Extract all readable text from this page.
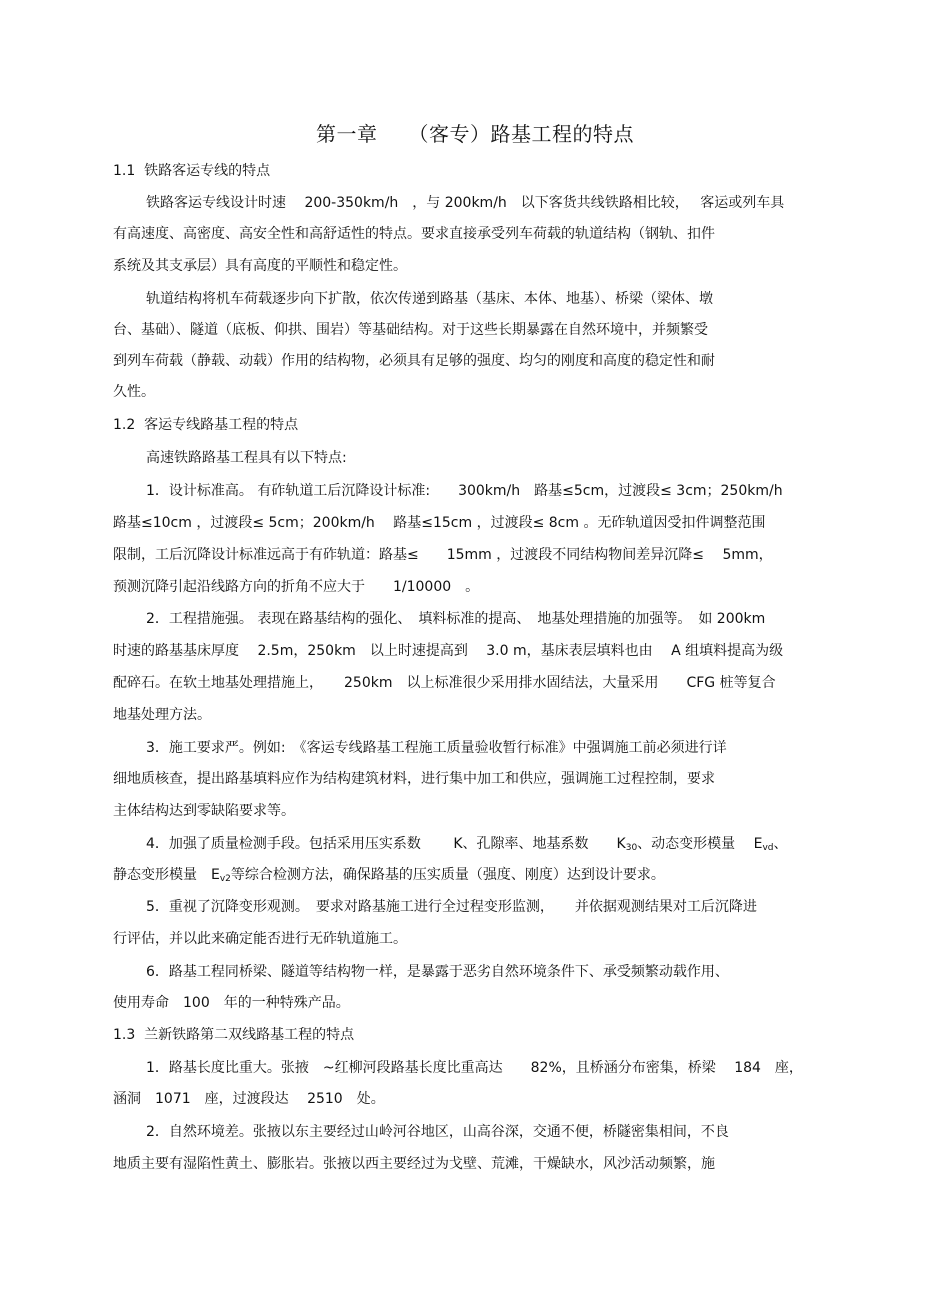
第一章　　（客专）路基工程的特点
1.1  铁路客运专线的特点
铁路客运专线设计时速　 200-350km/h　，与 200km/h　以下客货共线铁路相比较，　 客运或列车具
有高速度、高密度、高安全性和高舒适性的特点。要求直接承受列车荷载的轨道结构（钢轨、扣件
系统及其支承层）具有高度的平顺性和稳定性。
轨道结构将机车荷载逐步向下扩散，依次传递到路基（基床、本体、地基）、桥梁（梁体、墩
台、基础）、隧道（底板、仰拱、围岩）等基础结构。对于这些长期暴露在自然环境中，并频繁受
到列车荷载（静载、动载）作用的结构物，必须具有足够的强度、均匀的刚度和高度的稳定性和耐
久性。
1.2  客运专线路基工程的特点
高速铁路路基工程具有以下特点:
1．设计标准高。 有砟轨道工后沉降设计标准:　　300km/h　路基≤5cm，过渡段≤ 3cm；250km/h
路基≤10cm ，过渡段≤ 5cm；200km/h　 路基≤15cm ，过渡段≤ 8cm 。无砟轨道因受扣件调整范围
限制，工后沉降设计标准远高于有砟轨道：路基≤　　15mm ，过渡段不同结构物间差异沉降≤　 5mm，
预测沉降引起沿线路方向的折角不应大于　　1/10000　。
2．工程措施强。 表现在路基结构的强化、　填料标准的提高、　地基处理措施的加强等。　如 200km
时速的路基基床厚度　 2.5m，250km　以上时速提高到　 3.0 m，基床表层填料也由　 A 组填料提高为级
配碎石。在软土地基处理措施上，　　250km　以上标准很少采用排水固结法，大量采用　　CFG 桩等复合
地基处理方法。
3．施工要求严。例如:　《客运专线路基工程施工质量验收暂行标准》中强调施工前必须进行详
细地质核查，提出路基填料应作为结构建筑材料，进行集中加工和供应，强调施工过程控制，要求
主体结构达到零缺陷要求等。
4．加强了质量检测手段。包括采用压实系数　　 K、孔隙率、地基系数　　$K_{30}$、动态变形模量　 $E_{vd}$、
静态变形模量　$E_{v2}$等综合检测方法，确保路基的压实质量（强度、刚度）达到设计要求。
5．重视了沉降变形观测。　要求对路基施工进行全过程变形监测，　　并依据观测结果对工后沉降进
行评估，并以此来确定能否进行无砟轨道施工。
6．路基工程同桥梁、隧道等结构物一样，是暴露于恶劣自然环境条件下、承受频繁动载作用、
使用寿命　100　年的一种特殊产品。
1.3  兰新铁路第二双线路基工程的特点
1．路基长度比重大。张掖　~红柳河段路基长度比重高达　　82%，且桥涵分布密集，桥梁　 184　座，
涵洞　1071　座，过渡段达　 2510　处。
2．自然环境差。张掖以东主要经过山岭河谷地区，山高谷深，交通不便，桥隧密集相间，不良
地质主要有湿陷性黄土、膨胀岩。张掖以西主要经过为戈壁、荒滩，干燥缺水，风沙活动频繁，施
